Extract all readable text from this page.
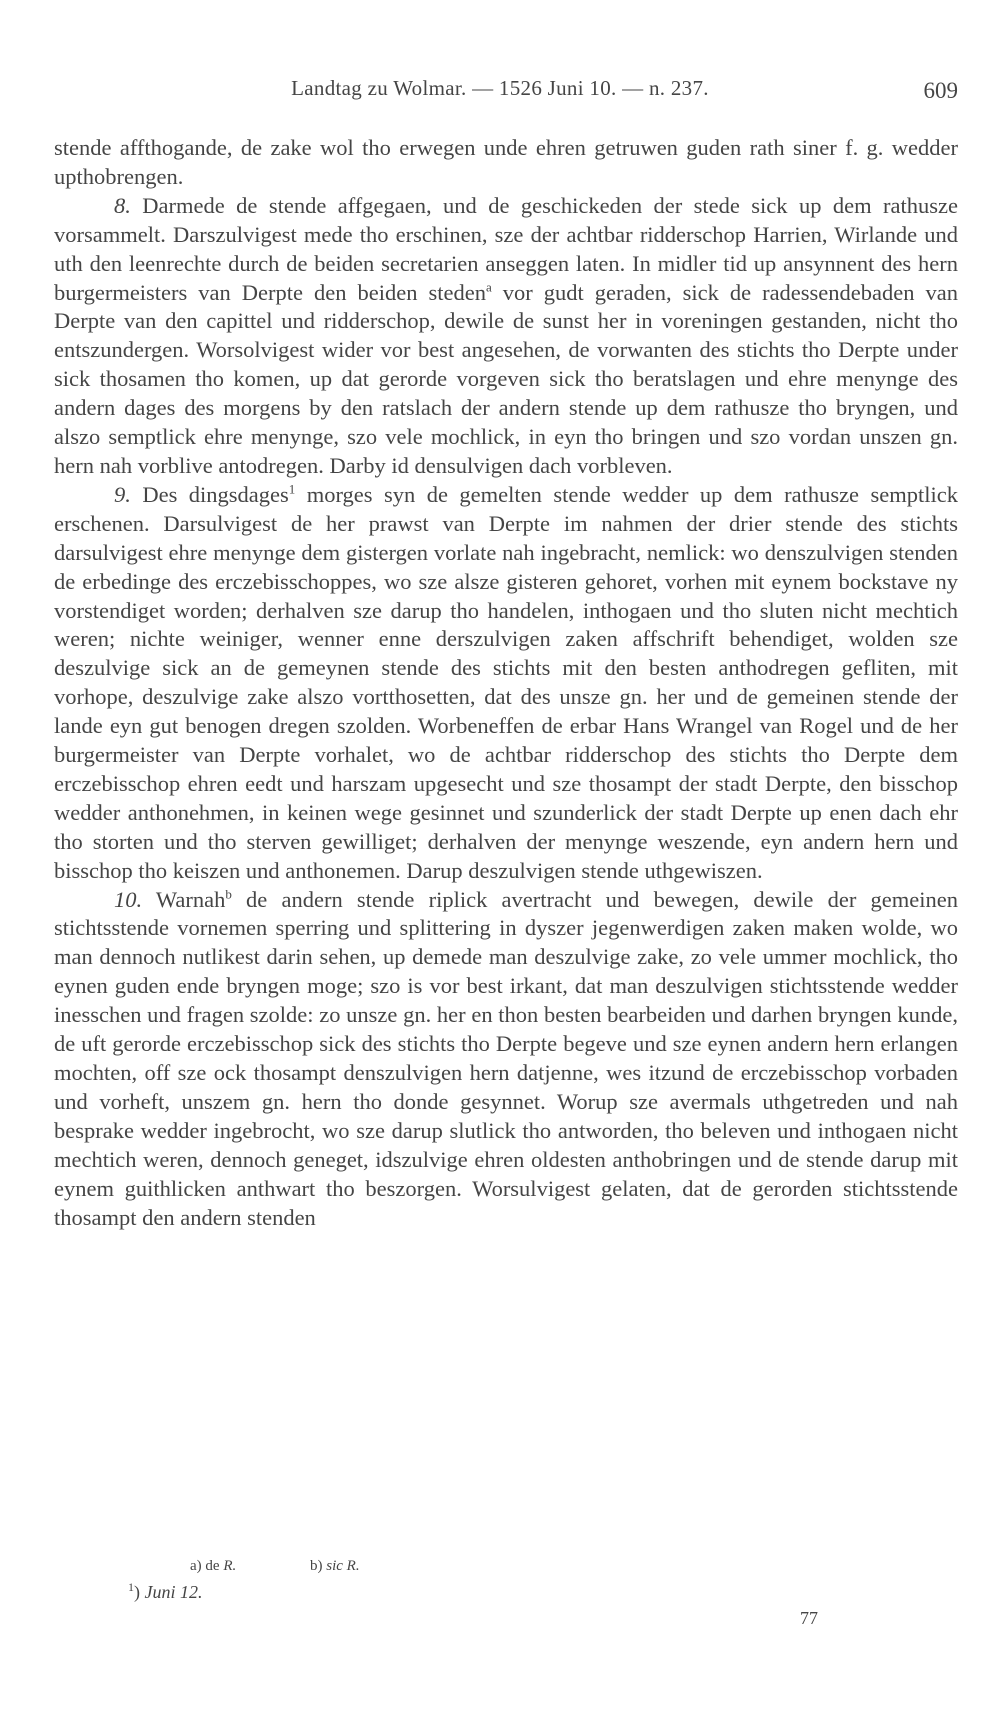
Landtag zu Wolmar. — 1526 Juni 10. — n. 237.	609

stende affthogande, de zake wol tho erwegen unde ehren getruwen guden rath siner f. g. wedder upthobrengen.

8. Darmede de stende affgegaen, und de geschickeden der stede sick up dem rathusze vorsammelt. Darszulvigest mede tho erschinen, sze der achtbar ridderschop Harrien, Wirlande und uth den leenrechte durch de beiden secretarien anseggen laten. In midler tid up ansynnent des hern burgermeisters van Derpte den beiden steden$^a$ vor gudt geraden, sick de radessendebaden van Derpte van den capittel und ridderschop, dewile de sunst her in voreningen gestanden, nicht tho entszundergen. Worsolvigest wider vor best angesehen, de vorwanten des stichts tho Derpte under sick thosamen tho komen, up dat gerorde vorgeven sick tho beratslagen und ehre menynge des andern dages des morgens by den ratslach der andern stende up dem rathusze tho bryngen, und alszo semptlick ehre menynge, szo vele mochlick, in eyn tho bringen und szo vordan unszen gn. hern nah vorblive antodregen. Darby id densulvigen dach vorbleven.

9. Des dingsdages$^1$ morges syn de gemelten stende wedder up dem rathusze semptlick erschenen. Darsulvigest de her prawst van Derpte im nahmen der drier stende des stichts darsulvigest ehre menynge dem gistergen vorlate nah ingebracht, nemlick: wo denszulvigen stenden de erbedinge des erczebisschoppes, wo sze alsze gisteren gehoret, vorhen mit eynem bockstave ny vorstendiget worden; derhalven sze darup tho handelen, inthogaen und tho sluten nicht mechtich weren; nichte weiniger, wenner enne derszulvigen zaken affschrift behendiget, wolden sze deszulvige sick an de gemeynen stende des stichts mit den besten anthodregen gefliten, mit vorhope, deszulvige zake alszo vortthosetten, dat des unsze gn. her und de gemeinen stende der lande eyn gut benogen dregen szolden. Worbeneffen de erbar Hans Wrangel van Rogel und de her burgermeister van Derpte vorhalet, wo de achtbar ridderschop des stichts tho Derpte dem erczebisschop ehren eedt und harszam upgesecht und sze thosampt der stadt Derpte, den bisschop wedder anthonehmen, in keinen wege gesinnet und szunderlick der stadt Derpte up enen dach ehr tho storten und tho sterven gewilliget; derhalven der menynge weszende, eyn andern hern und bisschop tho keiszen und anthonemen. Darup deszulvigen stende uthgewiszen.

10. Warnah$^b$ de andern stende riplick avertracht und bewegen, dewile der gemeinen stichtsstende vornemen sperring und splittering in dyszer jegenwerdigen zaken maken wolde, wo man dennoch nutlikest darin sehen, up demede man deszulvige zake, zo vele ummer mochlick, tho eynen guden ende bryngen moge; szo is vor best irkant, dat man deszulvigen stichtsstende wedder inesschen und fragen szolde: zo unsze gn. her en thon besten bearbeiden und darhen bryngen kunde, de uft gerorde erczebisschop sick des stichts tho Derpte begeve und sze eynen andern hern erlangen mochten, off sze ock thosampt denszulvigen hern datjenne, wes itzund de erczebisschop vorbaden und vorheft, unszem gn. hern tho donde gesynnet. Worup sze avermals uthgetreden und nah besprake wedder ingebrocht, wo sze darup slutlick tho antworden, tho beleven und inthogaen nicht mechtich weren, dennoch geneget, idszulvige ehren oldesten anthobringen und de stende darup mit eynem guithlicken anthwart tho beszorgen. Worsulvigest gelaten, dat de gerorden stichtsstende thosampt den andern stenden

a) de R.	b) sic R.
$^1$) Juni 12.
77
